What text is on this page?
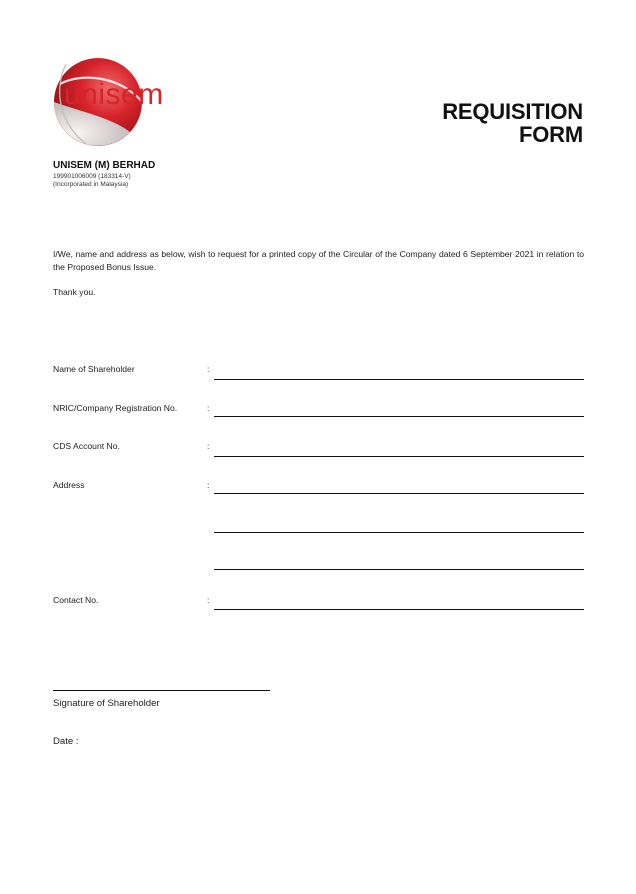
unisem
UNISEM (M) BERHAD
199901006009 (183314-V)
(Incorporated in Malaysia)
REQUISITION
FORM
I/We, name and address as below, wish to request for a printed copy of the Circular of the Company dated 6 September 2021 in relation to the Proposed Bonus Issue.
Thank you.
Name of Shareholder	:
NRIC/Company Registration No.	:
CDS Account No.	:
Address	:
Contact No.	:
Signature of Shareholder
Date :
